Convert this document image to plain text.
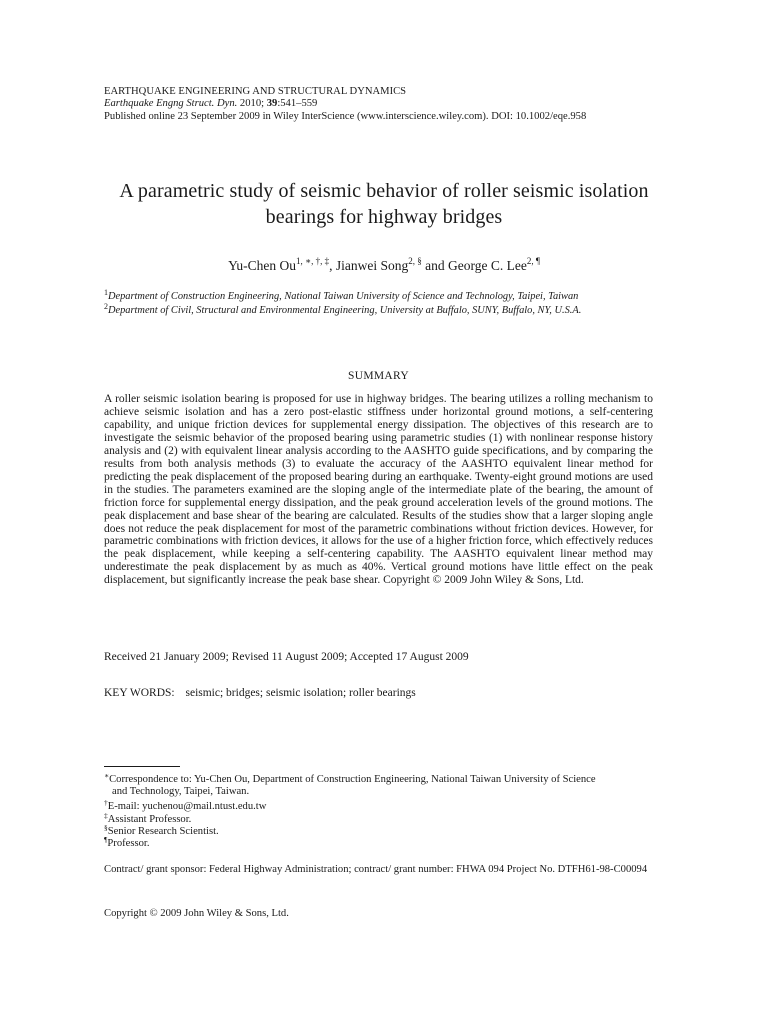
EARTHQUAKE ENGINEERING AND STRUCTURAL DYNAMICS
Earthquake Engng Struct. Dyn. 2010; 39:541–559
Published online 23 September 2009 in Wiley InterScience (www.interscience.wiley.com). DOI: 10.1002/eqe.958
A parametric study of seismic behavior of roller seismic isolation bearings for highway bridges
Yu-Chen $Ou^{1, ∗, \dagger, \ddagger}$, Jianwei Song$^{2, \S}$ and George C. Lee$^{2, \P}$
$^1$Department of Construction Engineering, National Taiwan University of Science and Technology, Taipei, Taiwan
$^2$Department of Civil, Structural and Environmental Engineering, University at Buffalo, SUNY, Buffalo, NY, U.S.A.
SUMMARY
A roller seismic isolation bearing is proposed for use in highway bridges. The bearing utilizes a rolling mechanism to achieve seismic isolation and has a zero post-elastic stiffness under horizontal ground motions, a self-centering capability, and unique friction devices for supplemental energy dissipation. The objectives of this research are to investigate the seismic behavior of the proposed bearing using parametric studies (1) with nonlinear response history analysis and (2) with equivalent linear analysis according to the AASHTO guide specifications, and by comparing the results from both analysis methods (3) to evaluate the accuracy of the AASHTO equivalent linear method for predicting the peak displacement of the proposed bearing during an earthquake. Twenty-eight ground motions are used in the studies. The parameters examined are the sloping angle of the intermediate plate of the bearing, the amount of friction force for supplemental energy dissipation, and the peak ground acceleration levels of the ground motions. The peak displacement and base shear of the bearing are calculated. Results of the studies show that a larger sloping angle does not reduce the peak displacement for most of the parametric combinations without friction devices. However, for parametric combinations with friction devices, it allows for the use of a higher friction force, which effectively reduces the peak displacement, while keeping a self-centering capability. The AASHTO equivalent linear method may underestimate the peak displacement by as much as 40%. Vertical ground motions have little effect on the peak displacement, but significantly increase the peak base shear. Copyright © 2009 John Wiley & Sons, Ltd.
Received 21 January 2009; Revised 11 August 2009; Accepted 17 August 2009
KEY WORDS: seismic; bridges; seismic isolation; roller bearings
∗Correspondence to: Yu-Chen Ou, Department of Construction Engineering, National Taiwan University of Science
and Technology, Taipei, Taiwan.
†E-mail: yuchenou@mail.ntust.edu.tw
‡Assistant Professor.
§Senior Research Scientist.
¶Professor.
Contract/ grant sponsor: Federal Highway Administration; contract/ grant number: FHWA 094 Project No. DTFH61-98-C00094
Copyright © 2009 John Wiley & Sons, Ltd.
